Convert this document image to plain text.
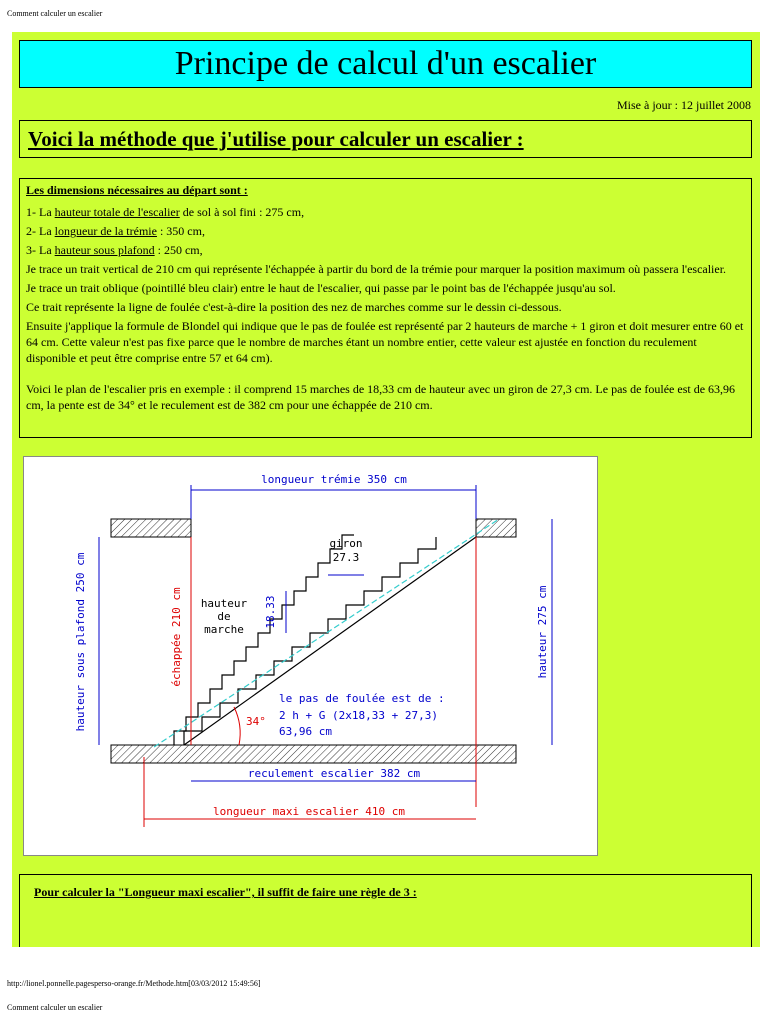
Comment calculer un escalier
Principe de calcul d'un escalier
Mise à jour : 12 juillet 2008
Voici la méthode que j'utilise pour calculer un escalier :

Les dimensions nécessaires au départ sont :

1- La hauteur totale de l'escalier de sol à sol fini : 275 cm,

2- La longueur de la trémie : 350 cm,

3- La hauteur sous plafond : 250 cm,

Je trace un trait vertical de 210 cm qui représente l'échappée à partir du bord de la trémie pour marquer la position maximum où passera l'escalier.

Je trace un trait oblique (pointillé bleu clair) entre le haut de l'escalier, qui passe par le point bas de l'échappée jusqu'au sol.

Ce trait représente la ligne de foulée c'est-à-dire la position des nez de marches comme sur le dessin ci-dessous.

Ensuite j'applique la formule de Blondel qui indique que le pas de foulée est représenté par 2 hauteurs de marche + 1 giron et doit mesurer entre 60 et 64 cm. Cette valeur n'est pas fixe parce que le nombre de marches étant un nombre entier, cette valeur est ajustée en fonction du reculement disponible et peut être comprise entre 57 et 64 cm).

Voici le plan de l'escalier pris en exemple : il comprend 15 marches de 18,33 cm de hauteur avec un giron de 27,3 cm. Le pas de foulée est de 63,96 cm, la pente est de 34° et le reculement est de 382 cm pour une échappée de 210 cm.

longueur trémie 350 cm
giron
27.3
hauteur
de
marche
18.33
échappée 210 cm
hauteur sous plafond 250 cm	hauteur 275 cm
34°
le pas de foulée est de :
2 h + G (2x18,33 + 27,3)
63,96 cm
reculement escalier 382 cm
longueur maxi escalier 410 cm
Pour calculer la "Longueur maxi escalier", il suffit de faire une règle de 3 :
http://lionel.ponnelle.pagesperso-orange.fr/Methode.htm[03/03/2012 15:49:56]
Comment calculer un escalier
